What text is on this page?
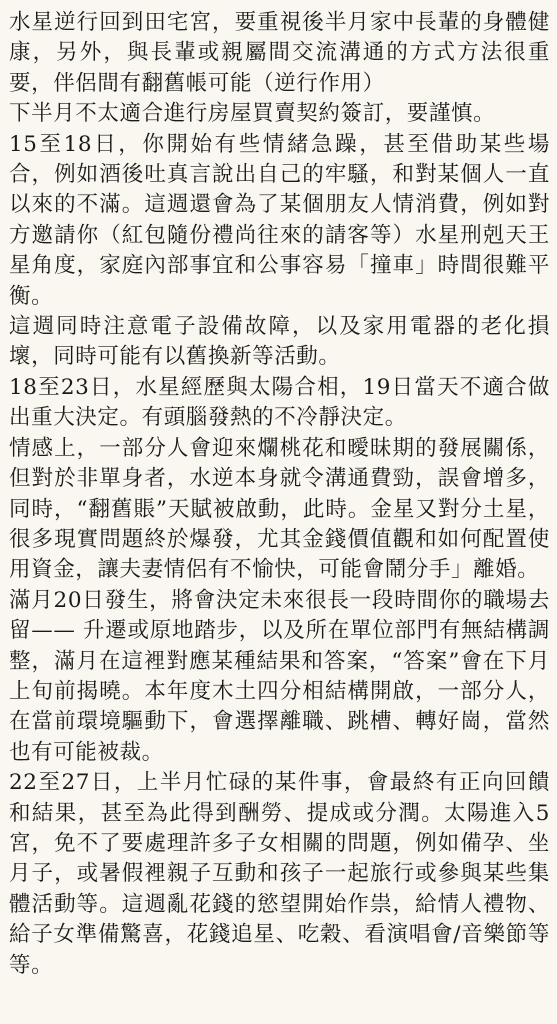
水星逆行回到田宅宮，要重視後半月家中長輩的身體健康，另外，與長輩或親屬間交流溝通的方式方法很重要，伴侶間有翻舊帳可能（逆行作用）

下半月不太適合進行房屋買賣契約簽訂，要謹慎。

15至18日，你開始有些情緒急躁，甚至借助某些場合，例如酒後吐真言說出自己的牢騷，和對某個人一直以來的不滿。這週還會為了某個朋友人情消費，例如對方邀請你（紅包隨份禮尚往來的請客等）水星刑剋天王星角度，家庭內部事宜和公事容易「撞車」時間很難平衡。

這週同時注意電子設備故障，以及家用電器的老化損壞，同時可能有以舊換新等活動。

18至23日，水星經歷與太陽合相，19日當天不適合做出重大決定。有頭腦發熱的不冷靜決定。

情感上，一部分人會迎來爛桃花和曖昧期的發展關係，但對於非單身者，水逆本身就令溝通費勁，誤會增多，同時，“翻舊賬”天賦被啟動，此時。金星又對分土星，很多現實問題終於爆發，尤其金錢價值觀和如何配置使用資金，讓夫妻情侶有不愉快，可能會鬧分手」離婚。

滿月20日發生，將會決定未來很長一段時間你的職場去留—— 升遷或原地踏步，以及所在單位部門有無結構調整，滿月在這裡對應某種結果和答案，“答案”會在下月上旬前揭曉。本年度木土四分相結構開啟，一部分人，在當前環境驅動下，會選擇離職、跳槽、轉好崗，當然也有可能被裁。

22至27日，上半月忙碌的某件事，會最終有正向回饋和結果，甚至為此得到酬勞、提成或分潤。太陽進入5宮，免不了要處理許多子女相關的問題，例如備孕、坐月子，或暑假裡親子互動和孩子一起旅行或參與某些集體活動等。這週亂花錢的慾望開始作祟，給情人禮物、給子女準備驚喜，花錢追星、吃穀、看演唱會/音樂節等等。
